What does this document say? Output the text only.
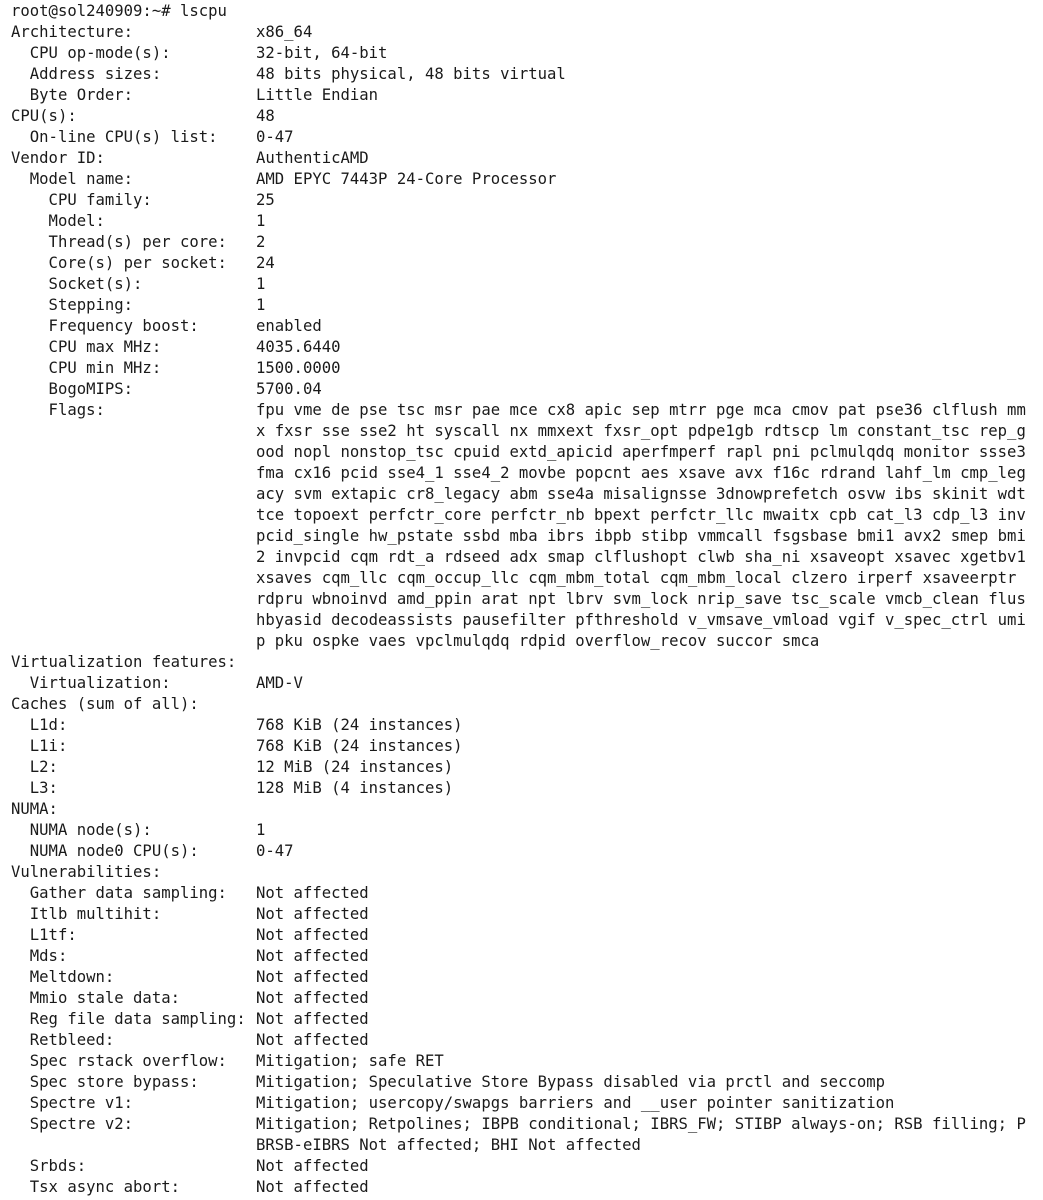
root@sol240909:~# lscpu
Architecture:	x86_64
CPU op-mode(s):	32-bit, 64-bit
Address sizes:	48 bits physical, 48 bits virtual
Byte Order:	Little Endian
CPU(s):	48
On-line CPU(s) list:	0-47
Vendor ID:	AuthenticAMD
Model name:	AMD EPYC 7443P 24-Core Processor
CPU family:	25
Model:	1
Thread(s) per core:	2
Core(s) per socket:	24
Socket(s):	1
Stepping:	1
Frequency boost:	enabled
CPU max MHz:	4035.6440
CPU min MHz:	1500.0000
BogoMIPS:	5700.04
Flags:	fpu vme de pse tsc msr pae mce cx8 apic sep mtrr pge mca cmov pat pse36 clflush mmx fxsr sse sse2 ht syscall nx mmxext fxsr_opt pdpe1gb rdtscp lm constant_tsc rep_good nopl nonstop_tsc cpuid extd_apicid aperfmperf rapl pni pclmulqdq monitor ssse3 fma cx16 pcid sse4_1 sse4_2 movbe popcnt aes xsave avx f16c rdrand lahf_lm cmp_legacy svm extapic cr8_legacy abm sse4a misalignsse 3dnowprefetch osvw ibs skinit wdt tce topoext perfctr_core perfctr_nb bpext perfctr_llc mwaitx cpb cat_l3 cdp_l3 invpcid_single hw_pstate ssbd mba ibrs ibpb stibp vmmcall fsgsbase bmi1 avx2 smep bmi2 invpcid cqm rdt_a rdseed adx smap clflushopt clwb sha_ni xsaveopt xsavec xgetbv1 xsaves cqm_llc cqm_occup_llc cqm_mbm_total cqm_mbm_local clzero irperf xsaveerptr rdpru wbnoinvd amd_ppin arat npt lbrv svm_lock nrip_save tsc_scale vmcb_clean flushbyasid decodeassists pausefilter pfthreshold v_vmsave_vmload vgif v_spec_ctrl umip pku ospke vaes vpclmulqdq rdpid overflow_recov succor smca
Virtualization features:
Virtualization:	AMD-V
Caches (sum of all):
L1d:	768 KiB (24 instances)
L1i:	768 KiB (24 instances)
L2:	12 MiB (24 instances)
L3:	128 MiB (4 instances)
NUMA:
NUMA node(s):	1
NUMA node0 CPU(s):	0-47
Vulnerabilities:
Gather data sampling:	Not affected
Itlb multihit:	Not affected
L1tf:	Not affected
Mds:	Not affected
Meltdown:	Not affected
Mmio stale data:	Not affected
Reg file data sampling: Not affected
Retbleed:	Not affected
Spec rstack overflow:	Mitigation; safe RET
Spec store bypass:	Mitigation; Speculative Store Bypass disabled via prctl and seccomp
Spectre v1:	Mitigation; usercopy/swapgs barriers and __user pointer sanitization
Spectre v2:	Mitigation; Retpolines; IBPB conditional; IBRS_FW; STIBP always-on; RSB filling; PBRSB-eIBRS Not affected; BHI Not affected
Srbds:	Not affected
Tsx async abort:	Not affected
